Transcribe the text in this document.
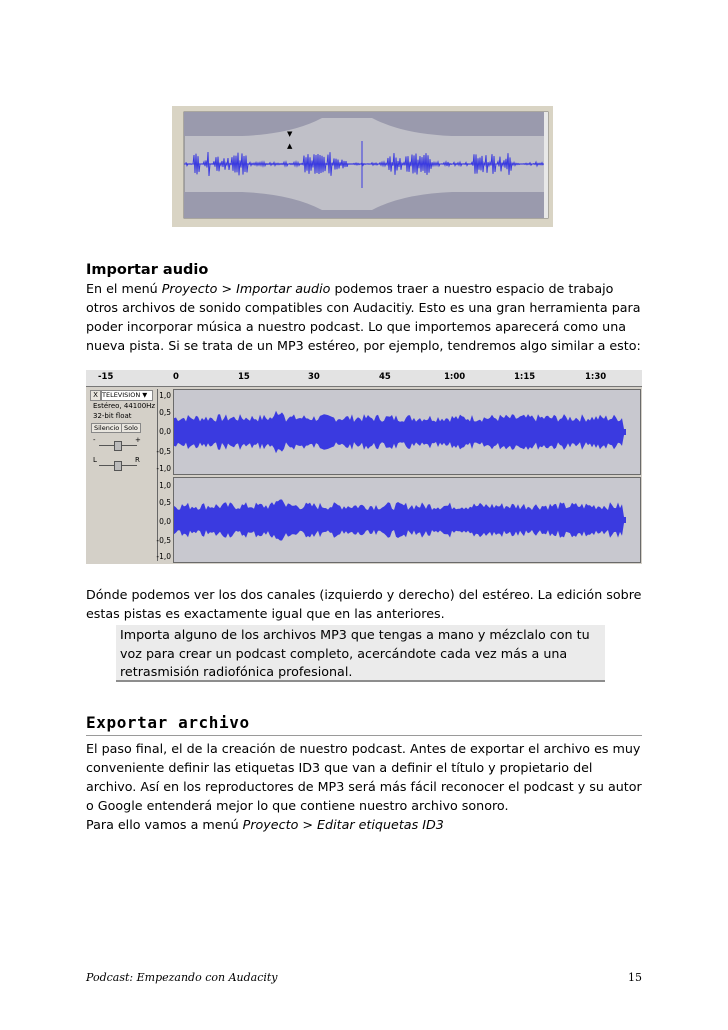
▼
▲
Importar audio
En el menú Proyecto > Importar audio podemos traer a nuestro espacio de trabajo otros archivos de sonido compatibles con Audacitiy. Esto es una gran herramienta para poder incorporar música a nuestro podcast. Lo que importemos aparecerá como una nueva pista. Si se trata de un MP3 estéreo, por ejemplo, tendremos algo similar a esto:
-15	0	15	30	45	1:00	1:15	1:30
X TELEVISION ▼
Estéreo, 44100Hz
32-bit float
Silencio Solo
-	+
L	R
1,0
0,5
0,0
-0,5
-1,0
1,0
0,5
0,0
-0,5
-1,0
Dónde podemos ver los dos canales (izquierdo y derecho) del estéreo. La edición sobre estas pistas es exactamente igual que en las anteriores.
Importa alguno de los archivos MP3 que tengas a mano y mézclalo con tu voz para crear un podcast completo, acercándote cada vez más a una retrasmisión radiofónica profesional.
Exportar archivo
El paso final, el de la creación de nuestro podcast. Antes de exportar el archivo es muy conveniente definir las etiquetas ID3 que van a definir el título y propietario del archivo. Así en los reproductores de MP3 será más fácil reconocer el podcast y su autor o Google entenderá mejor lo que contiene nuestro archivo sonoro.
Para ello vamos a menú Proyecto > Editar etiquetas ID3
Podcast: Empezando con Audacity	15
